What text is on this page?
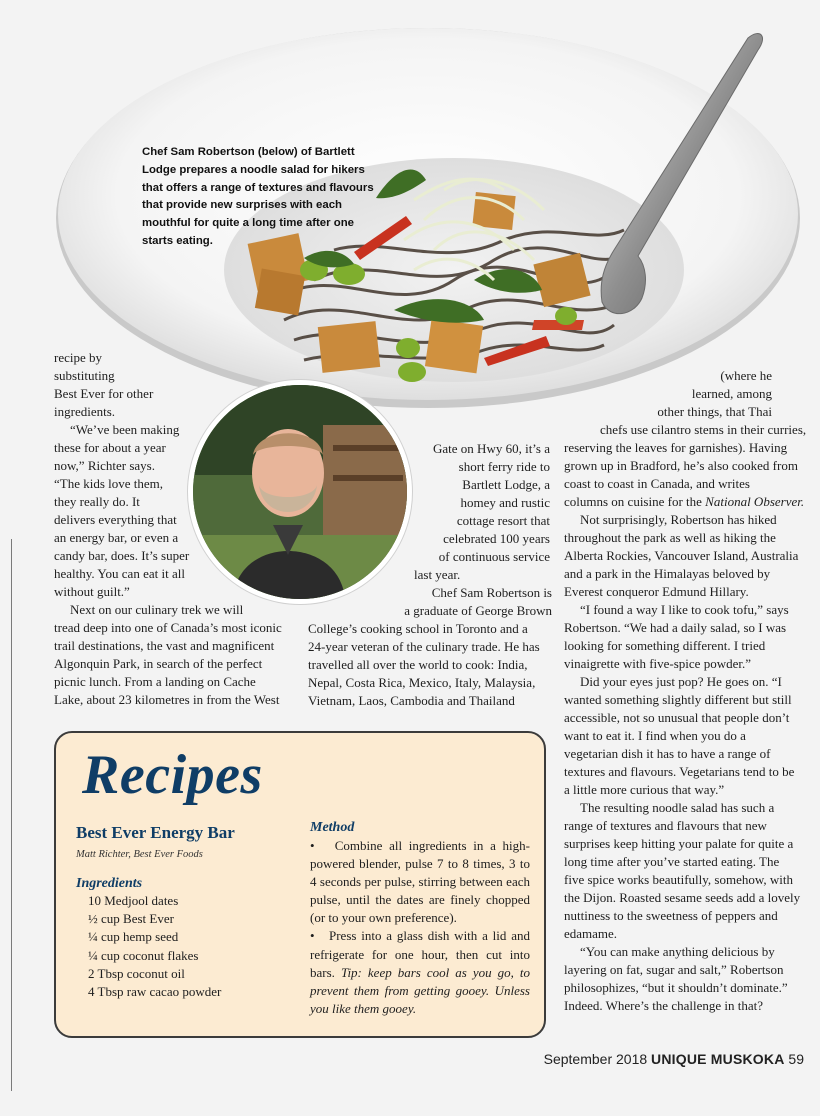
Chef Sam Robertson (below) of Bartlett Lodge prepares a noodle salad for hikers that offers a range of textures and flavours that provide new surprises with each mouthful for quite a long time after one starts eating.

recipe by
substituting
Best Ever for other
ingredients.
“We’ve been making
these for about a year
now,” Richter says.
“The kids love them,
they really do. It
delivers everything that
an energy bar, or even a
candy bar, does. It’s super
healthy. You can eat it all
without guilt.”
Next on our culinary trek we will
tread deep into one of Canada’s most iconic
trail destinations, the vast and magnificent
Algonquin Park, in search of the perfect
picnic lunch. From a landing on Cache
Lake, about 23 kilometres in from the West
Gate on Hwy 60, it’s a
short ferry ride to
Bartlett Lodge, a
homey and rustic
cottage resort that
celebrated 100 years
of continuous service
last year.
Chef Sam Robertson is
a graduate of George Brown
College’s cooking school in Toronto and a
24-year veteran of the culinary trade. He has
travelled all over the world to cook: India,
Nepal, Costa Rica, Mexico, Italy, Malaysia,
Vietnam, Laos, Cambodia and Thailand
(where he
learned, among
other things, that Thai
chefs use cilantro stems in their curries,
reserving the leaves for garnishes). Having
grown up in Bradford, he’s also cooked from
coast to coast in Canada, and writes
columns on cuisine for the National Observer.
Not surprisingly, Robertson has hiked
throughout the park as well as hiking the
Alberta Rockies, Vancouver Island, Australia
and a park in the Himalayas beloved by
Everest conqueror Edmund Hillary.
“I found a way I like to cook tofu,” says
Robertson. “We had a daily salad, so I was
looking for something different. I tried
vinaigrette with five-spice powder.”
Did your eyes just pop? He goes on. “I
wanted something slightly different but still
accessible, not so unusual that people don’t
want to eat it. I find when you do a
vegetarian dish it has to have a range of
textures and flavours. Vegetarians tend to be
a little more curious that way.”
The resulting noodle salad has such a
range of textures and flavours that new
surprises keep hitting your palate for quite a
long time after you’ve started eating. The
five spice works beautifully, somehow, with
the Dijon. Roasted sesame seeds add a lovely
nuttiness to the sweetness of peppers and
edamame.
“You can make anything delicious by
layering on fat, sugar and salt,” Robertson
philosophizes, “but it shouldn’t dominate.”
Indeed. Where’s the challenge in that?
Recipes
Best Ever Energy Bar

Matt Richter, Best Ever Foods

Ingredients
10 Medjool dates
½ cup Best Ever
¼ cup hemp seed
¼ cup coconut flakes
2 Tbsp coconut oil
4 Tbsp raw cacao powder
Method
•   Combine all ingredients in a high-powered blender, pulse 7 to 8 times, 3 to 4 seconds per pulse, stirring between each pulse, until the dates are finely chopped (or to your own preference).
•   Press into a glass dish with a lid and refrigerate for one hour, then cut into bars. Tip: keep bars cool as you go, to prevent them from getting gooey. Unless you like them gooey.

September 2018 UNIQUE MUSKOKA 59
